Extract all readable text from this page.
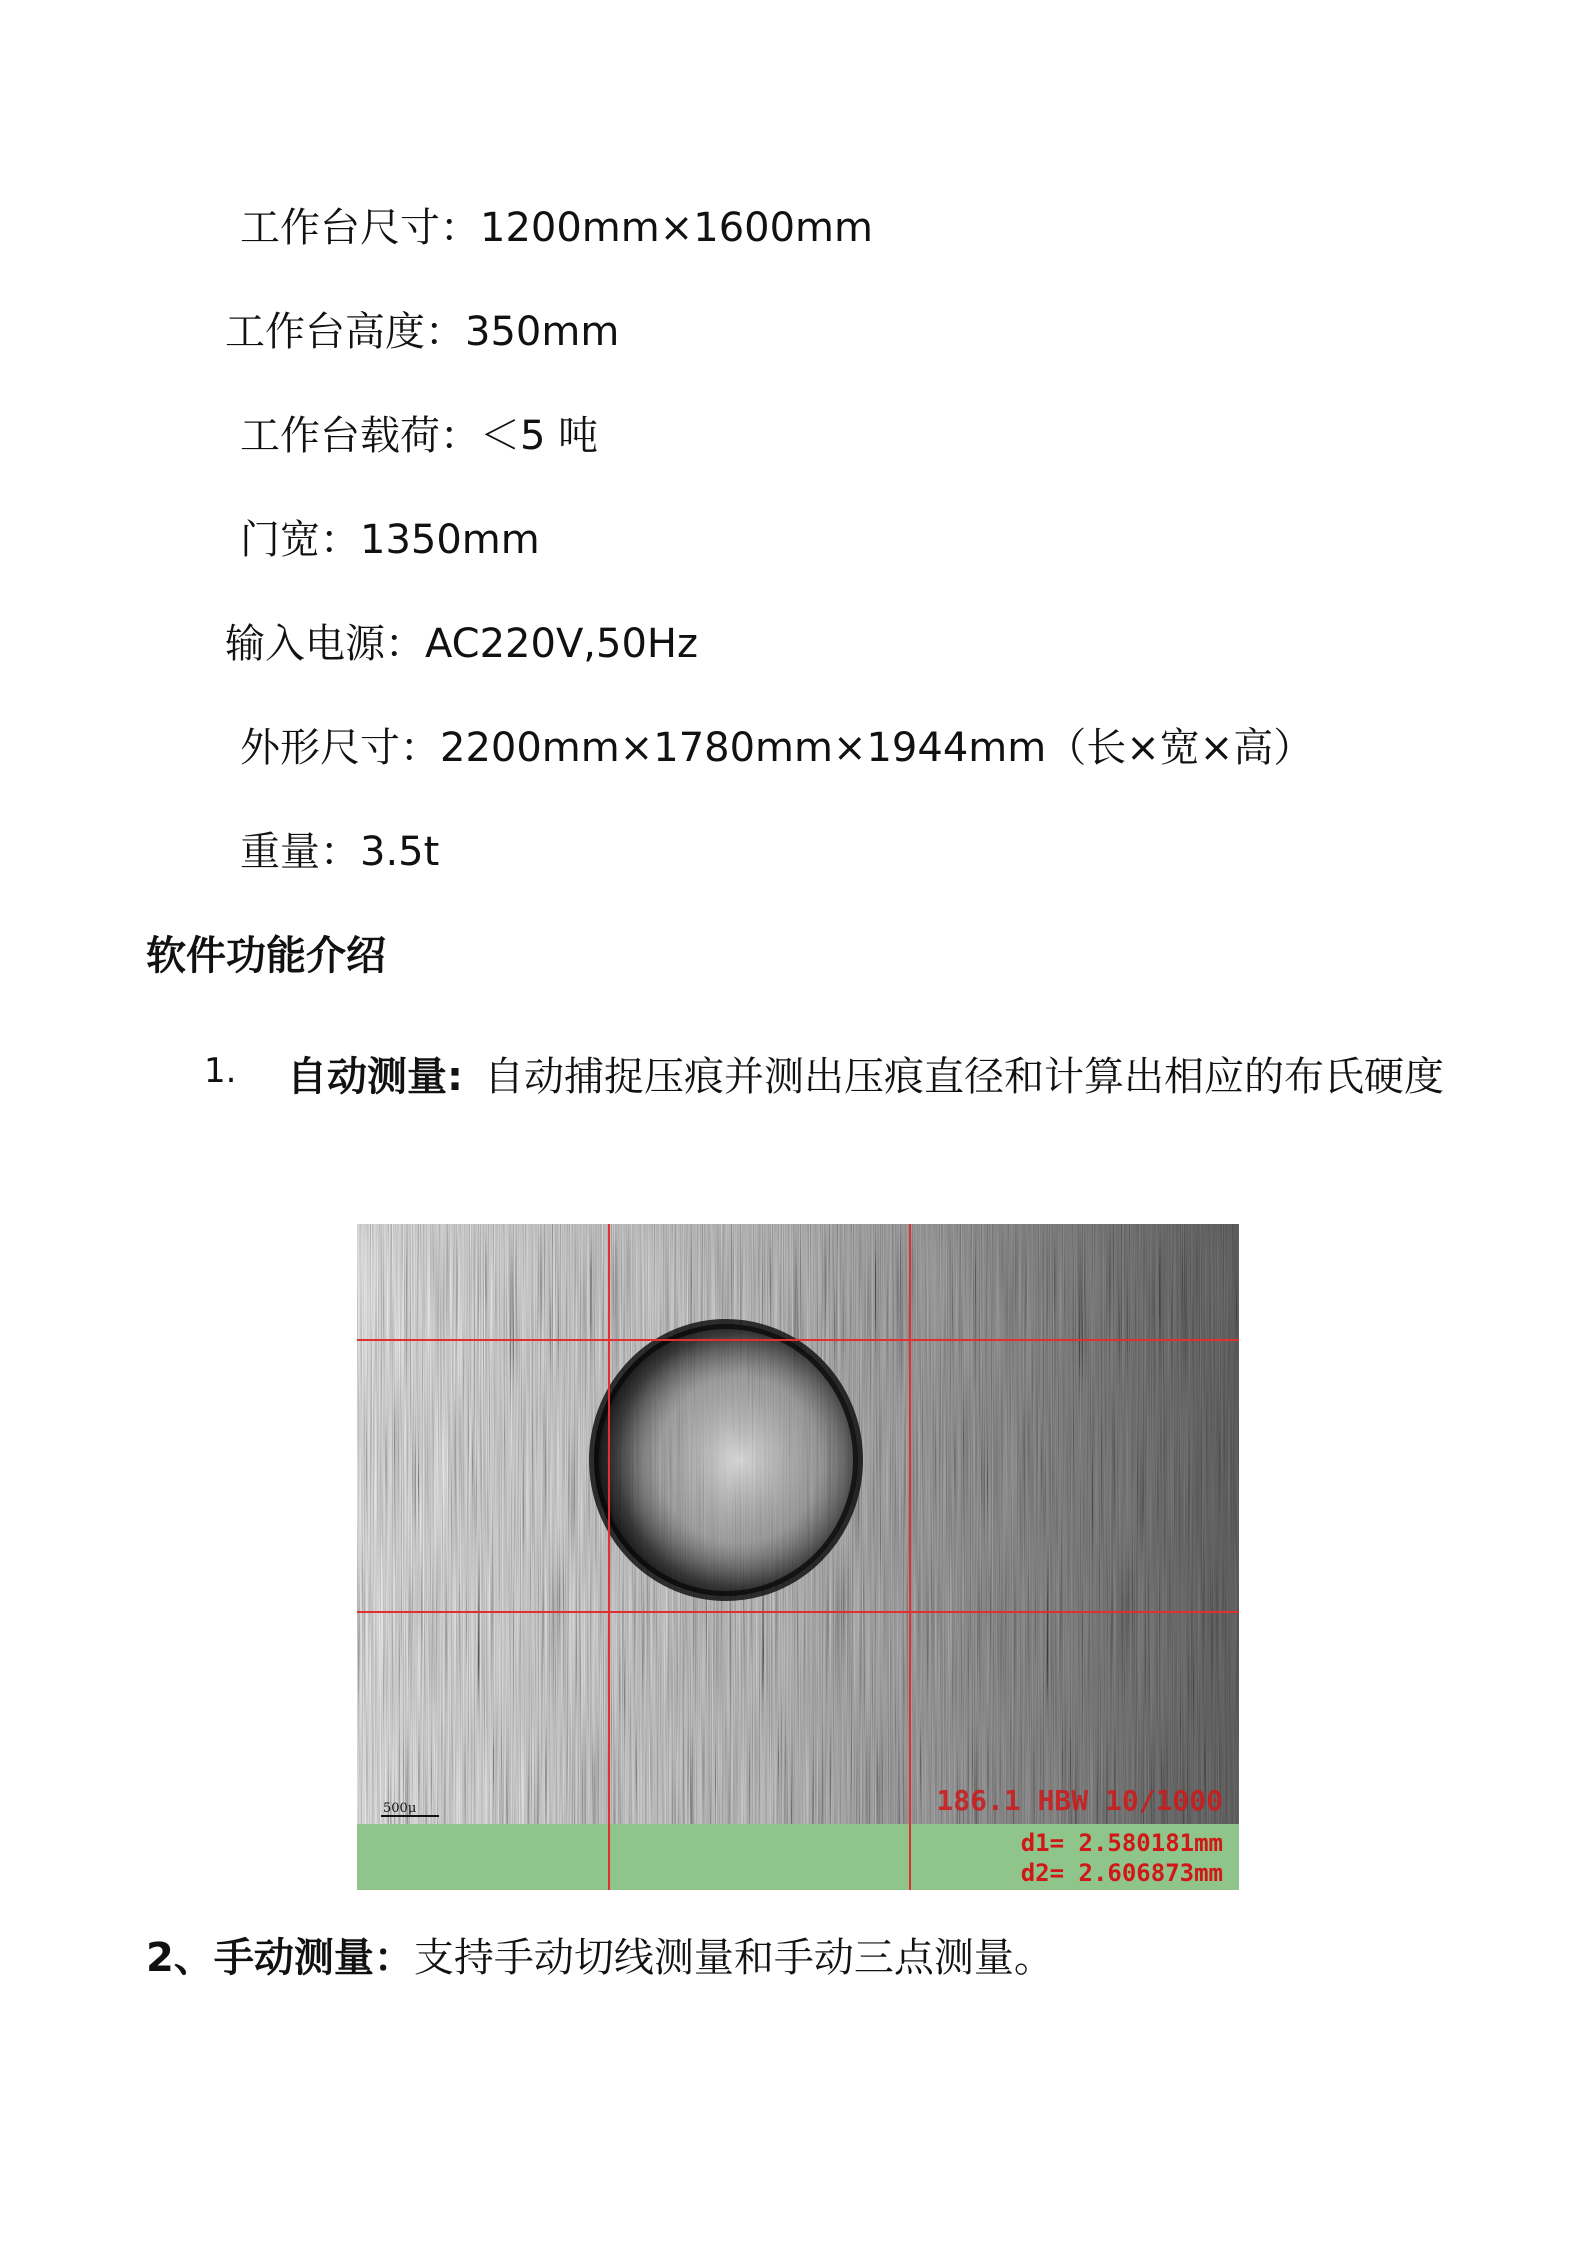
工作台尺寸：1200mm×1600mm
工作台高度：350mm
工作台载荷：＜5 吨
门宽：1350mm
输入电源：AC220V,50Hz
外形尺寸：2200mm×1780mm×1944mm（长×宽×高）
重量：3.5t
软件功能介绍
1. 自动测量: 自动捕捉压痕并测出压痕直径和计算出相应的布氏硬度
500μ	186.1 HBW 10/1000
d1= 2.580181mm
d2= 2.606873mm
2、手动测量：支持手动切线测量和手动三点测量。
